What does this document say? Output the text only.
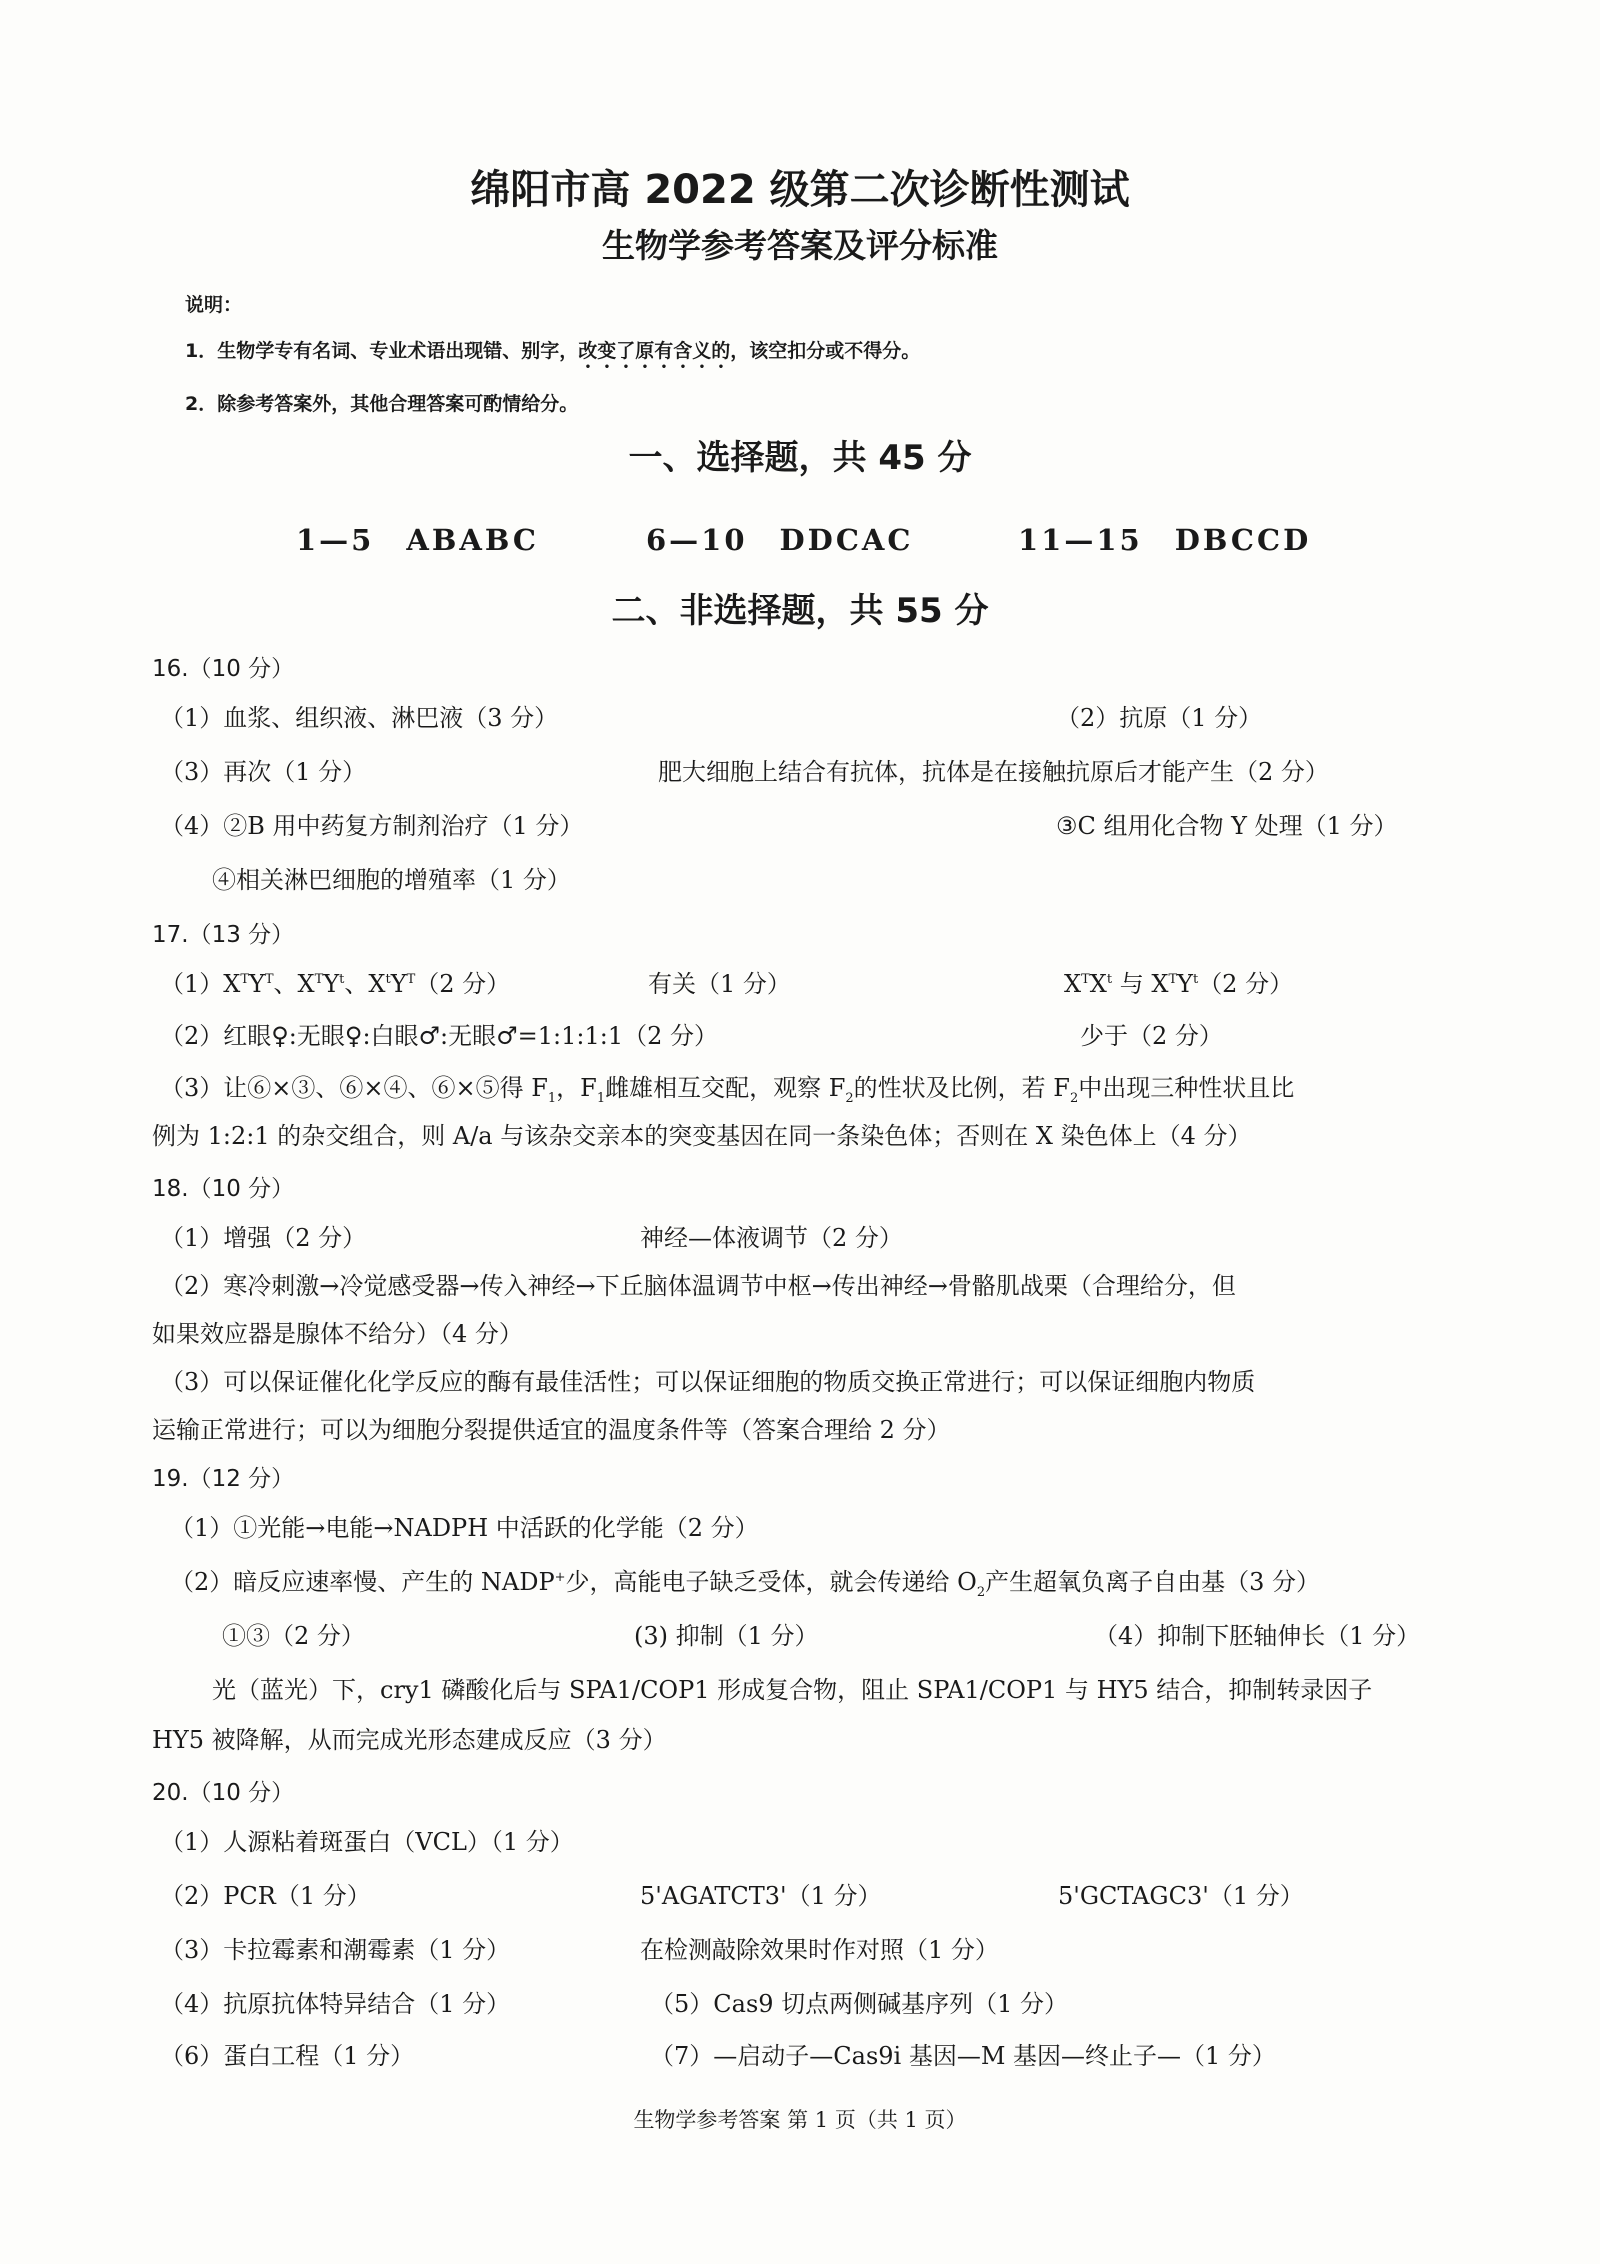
绵阳市高 2022 级第二次诊断性测试
生物学参考答案及评分标准
说明：
1．生物学专有名词、专业术语出现错、别字，改变了原有含义的，该空扣分或不得分。
2．除参考答案外，其他合理答案可酌情给分。
一、选择题，共 45 分
1—5　ABABC	6—10　DDCAC	11—15　DBCCD
二、非选择题，共 55 分
16.（10 分）
（1）血浆、组织液、淋巴液（3 分）	（2）抗原（1 分）
（3）再次（1 分）	肥大细胞上结合有抗体，抗体是在接触抗原后才能产生（2 分）
（4）②B 用中药复方制剂治疗（1 分）	③C 组用化合物 Y 处理（1 分）
④相关淋巴细胞的增殖率（1 分）
17.（13 分）
$(1)X^TY^T$、$X^TY^t$、$X^tY^T(2$ 分）	有关（1 分）	$X^TX^t$ 与 $X^TY^t(2$ 分）
（2）红眼♀:无眼♀:白眼♂:无眼♂=1:1:1:1（2 分）	少于（2 分）
（3）让⑥×③、⑥×④、⑥×⑤得 $F_1$，$F_1$雌雄相互交配，观察 $F_2$的性状及比例，若 $F_2$中出现三种性状且比
例为 1:2:1 的杂交组合，则 A/a 与该杂交亲本的突变基因在同一条染色体；否则在 X 染色体上（4 分）
18.（10 分）
（1）增强（2 分）	神经—体液调节（2 分）
（2）寒冷刺激→冷觉感受器→传入神经→下丘脑体温调节中枢→传出神经→骨骼肌战栗（合理给分，但
如果效应器是腺体不给分）（4 分）
（3）可以保证催化化学反应的酶有最佳活性；可以保证细胞的物质交换正常进行；可以保证细胞内物质
运输正常进行；可以为细胞分裂提供适宜的温度条件等（答案合理给 2 分）
19.（12 分）
（1）①光能→电能→NADPH 中活跃的化学能（2 分）
（2）暗反应速率慢、产生的 NADP+少，高能电子缺乏受体，就会传递给 $O_2$产生超氧负离子自由基（3 分）
①③（2 分）	(3) 抑制（1 分）	（4）抑制下胚轴伸长（1 分）
光（蓝光）下，cry1 磷酸化后与 SPA1/COP1 形成复合物，阻止 SPA1/COP1 与 HY5 结合，抑制转录因子
HY5 被降解，从而完成光形态建成反应（3 分）
20.（10 分）
（1）人源粘着斑蛋白（VCL）（1 分）
（2）PCR（1 分）	5'AGATCT3'（1 分）	5'GCTAGC3'（1 分）
（3）卡拉霉素和潮霉素（1 分）	在检测敲除效果时作对照（1 分）
（4）抗原抗体特异结合（1 分）	（5）Cas9 切点两侧碱基序列（1 分）
（6）蛋白工程（1 分）	（7）—启动子—Cas9i 基因—M 基因—终止子—（1 分）
生物学参考答案 第 1 页（共 1 页）
